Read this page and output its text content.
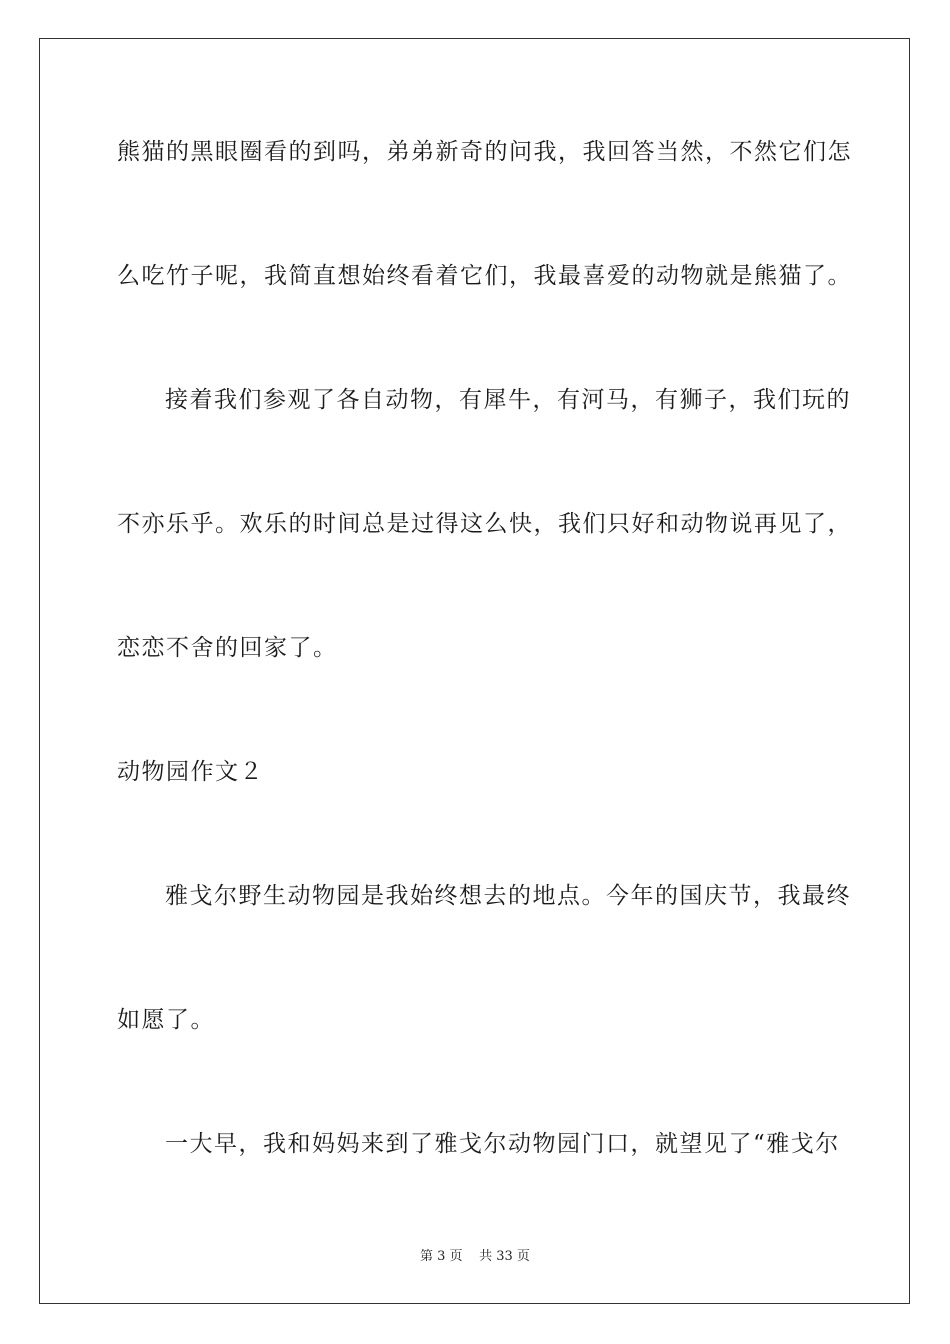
熊猫的黑眼圈看的到吗，弟弟新奇的问我，我回答当然，不然它们怎
么吃竹子呢，我简直想始终看着它们，我最喜爱的动物就是熊猫了。
接着我们参观了各自动物，有犀牛，有河马，有狮子，我们玩的
不亦乐乎。欢乐的时间总是过得这么快，我们只好和动物说再见了，
恋恋不舍的回家了。
动物园作文２
雅戈尔野生动物园是我始终想去的地点。今年的国庆节，我最终
如愿了。
一大早，我和妈妈来到了雅戈尔动物园门口，就望见了“雅戈尔
第 3 页 共 33 页
